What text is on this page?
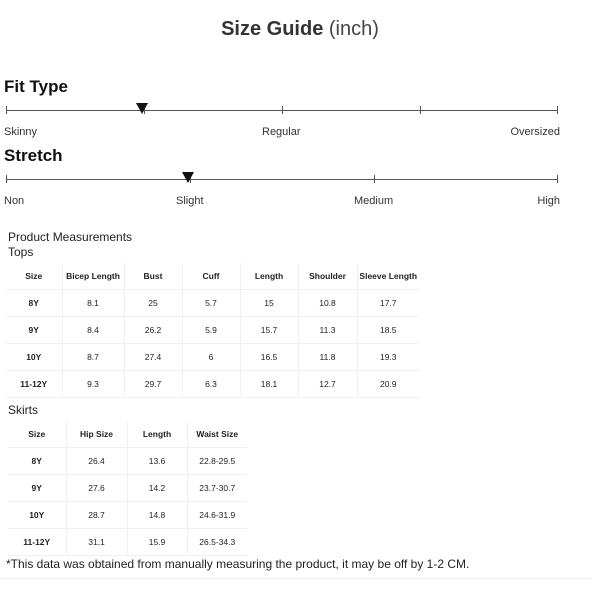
Size Guide (inch)
Fit Type
Skinny	Regular	Oversized
Stretch
Non	Slight	Medium	High
Product Measurements
Tops
Size	Bicep Length	Bust	Cuff	Length	Shoulder	Sleeve Length
8Y	8.1	25	5.7	15	10.8	17.7
9Y	8.4	26.2	5.9	15.7	11.3	18.5
10Y	8.7	27.4	6	16.5	11.8	19.3
11-12Y	9.3	29.7	6.3	18.1	12.7	20.9
Skirts
Size	Hip Size	Length	Waist Size
8Y	26.4	13.6	22.8-29.5
9Y	27.6	14.2	23.7-30.7
10Y	28.7	14.8	24.6-31.9
11-12Y	31.1	15.9	26.5-34.3
*This data was obtained from manually measuring the product, it may be off by 1-2 CM.
